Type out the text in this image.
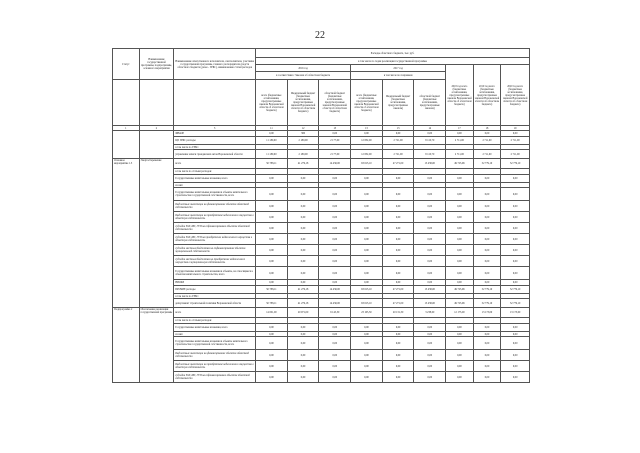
22
Статус	Наименование государственной программы, подпрограммы, основного мероприятия	Наименование ответственного исполнителя, соисполнителя, участника государственной программы, главного распорядителя средств областного бюджета (далее - ГРБС), наименование статей расходов	Расходы областного бюджета, тыс. руб.								
			в том числе по годам реализации государственной программы								
			2016 год			2017 год			2018 год всего (бюджетные ассигнования, предусмотренные законом Воронежской области об областном бюджете)	2019 год всего (бюджетные ассигнования, предусмотренные законом Воронежской области об областном бюджете)	2020 год всего (бюджетные ассигнования, предусмотренные законом Воронежской области об областном бюджете)
			в соответствии с Законом об областном бюджете			в том числе по поправкам					
			всего (бюджетные ассигнования, предусмотренные законом Воронежской области об областном бюджете)	Федеральный бюджет (бюджетные ассигнования, предусмотренные законом Воронежской области об областном бюджете)	областной бюджет (бюджетные ассигнования, предусмотренные законом Воронежской области об областном бюджете)	всего (бюджетные ассигнования, предусмотренные законом Воронежской области об областном бюджете)	Федеральный бюджет (бюджетные ассигнования, предусмотренные законом)	областной бюджет (бюджетные ассигнования, предусмотренные законом)			
1	2	3	11	12	13	13	13	14	17	18	19
		ФНиОР	0,00	380	0,00	0,00	0,00	0,00	0,00	0,00	0,00
		ЦП ГРБС расходы	11 180,00	2 180,00	2 177,00	12 832,00	2 721,00	8 110,70	2 711,00	2 711,00	2 711,00
		в том числе по ГРБС:									
		управление записи гражданских актов Воронежской области	11 180,00	2 180,00	2 177,00	12 832,00	2 721,00	8 110,70	2 711,00	2 711,00	2 711,00
Основное мероприятие 1.3	Энергосбережение	всего	50 788,11	41 279,18	14 430,00	63 613,10	47 271,00	15 438,00	49 723,96	52 779,10	52 779,10
		в том числе по статьям расходов:									
		Государственные капитальные вложения, всего	0,00	0,00	0,00	0,00	0,00	0,00	0,00	0,00	0,00
		из них:									
		Государственные капитальные вложения в объекты капитального строительства государственной собственности, всего	0,00	0,00	0,00	0,00	0,00	0,00	0,00	0,00	0,00
		Бюджетные инвестиции на финансирование объектов областной собственности	0,00	0,00	0,00	0,00	0,00	0,00	0,00	0,00	0,00
		Бюджетные инвестиции на приобретение недвижимого имущества в областную собственность	0,00	0,00	0,00	0,00	0,00	0,00	0,00	0,00	0,00
		субсидии ЮЛ, ИП, ГУП на софинансирование объектов областной собственности	0,00	0,00	0,00	0,00	0,00	0,00	0,00	0,00	0,00
		субсидии ЮЛ, ИП, ГУП на приобретение недвижимого имущества в областную собственность	0,00	0,00	0,00	0,00	0,00	0,00	0,00	0,00	0,00
		субсидии местным бюджетам на софинансирование объектов муниципальной собственности	0,00	0,00	0,00	0,00	0,00	0,00	0,00	0,00	0,00
		субсидии местным бюджетам на приобретение недвижимого имущества в муниципальную собственность	0,00	0,00	0,00	0,00	0,00	0,00	0,00	0,00	0,00
		Государственные капитальные вложения в объекты, не относящиеся к объектам капитального строительства, всего	0,00	0,00	0,00	0,00	0,00	0,00	0,00	0,00	0,00
		НИОКР	0,00	0,00	0,00	0,00	0,00	0,00	0,00	0,00	0,00
		ПРОЧИЕ расходы	50 788,11	41 279,18	14 430,00	63 613,10	47 271,00	15 438,00	49 723,96	52 779,10	52 779,10
		в том числе по ГРБС:									
		департамент строительной политики Воронежской области	50 788,11	41 279,18	14 430,00	63 613,10	47 271,00	15 438,00	49 723,96	52 779,10	52 779,10
Подпрограмма 2	Обеспечение реализации государственной программы	всего	14 001,00	20 971,00	9 145,30	23 105,30	20 131,30	3 238,00	12 173,00	13 173,00	13 173,00
		в том числе по статьям расходов:									
		Государственные капитальные вложения, всего	0,00	0,00	0,00	0,00	0,00	0,00	0,00	0,00	0,00
		из них:	0,00	0,00	0,00	0,00	0,00	0,00	0,00	0,00	0,00
		Государственные капитальные вложения в объекты капитального строительства государственной собственности, всего	0,00	0,00	0,00	0,00	0,00	0,00	0,00	0,00	0,00
		Бюджетные инвестиции на финансирование объектов областной собственности	0,00	0,00	0,00	0,00	0,00	0,00	0,00	0,00	0,00
		Бюджетные инвестиции на приобретение недвижимого имущества в областную собственность	0,00	0,00	0,00	0,00	0,00	0,00	0,00	0,00	0,00
		субсидии ЮЛ, ИП, ГУП на софинансирование объектов областной собственности	0,00	0,00	0,00	0,00	0,00	0,00	0,00	0,00	0,00
